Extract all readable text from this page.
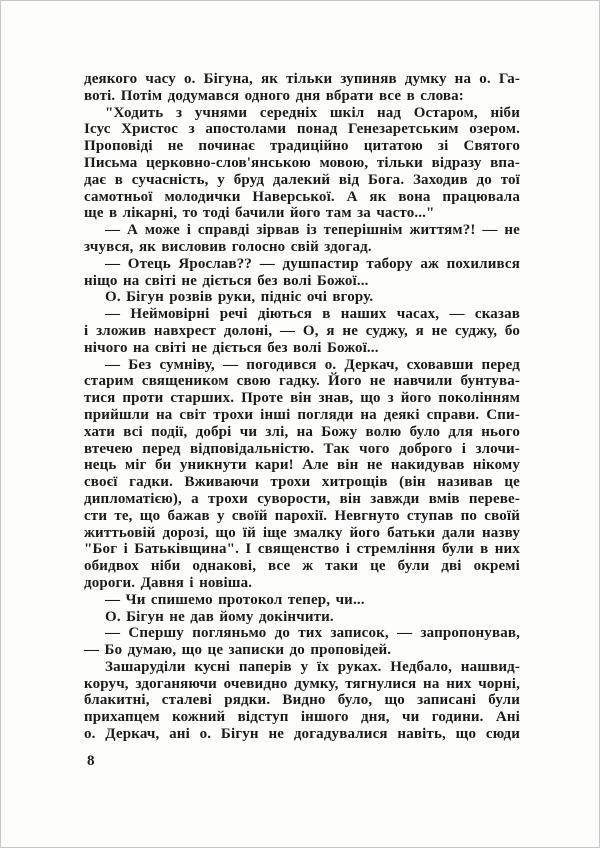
деякого часу о. Бігуна, як тільки зупиняв думку на о. Га-
воті. Потім додумався одного дня вбрати все в слова:
"Ходить з учнями середніх шкіл над Остаром, ніби
Ісус Христос з апостолами понад Генезаретським озером.
Проповіді не починає традиційно цитатою зі Святого
Письма церковно-слов'янською мовою, тільки відразу впа-
дає в сучасність, у бруд далекий від Бога. Заходив до тої
самотньої молодички Наверської. А як вона працювала
ще в лікарні, то тоді бачили його там за часто..."
— А може і справді зірвав із теперішнім життям?! — не
зчувся, як висловив голосно свій здогад.
— Отець Ярослав?? — душпастир табору аж похилився
ніщо на світі не діється без волі Божої...
О. Бігун розвів руки, підніс очі вгору.
— Неймовірні речі діються в наших часах, — сказав
і зложив навхрест долоні, — О, я не суджу, я не суджу, бо
нічого на світі не діється без волі Божої...
— Без сумніву, — погодився о. Деркач, сховавши перед
старим священиком свою гадку. Його не навчили бунтува-
тися проти старших. Проте він знав, що з його поколінням
прийшли на світ трохи інші погляди на деякі справи. Спи-
хати всі події, добрі чи злі, на Божу волю було для нього
втечею перед відповідальністю. Так чого доброго і злочи-
нець міг би уникнути кари! Але він не накидував нікому
своєї гадки. Вживаючи трохи хитрощів (він називав це
дипломатією), а трохи суворости, він завжди вмів переве-
сти те, що бажав у своїй парохії. Невгнуто ступав по своїй
життьовій дорозі, що їй іще змалку його батьки дали назву
"Бог і Батьківщина". І священство і стремління були в них
обидвох ніби однакові, все ж таки це були дві окремі
дороги. Давня і новіша.
— Чи спишемо протокол тепер, чи...
О. Бігун не дав йому докінчити.
— Спершу погляньмо до тих записок, — запропонував,
— Бо думаю, що це записки до проповідей.
Зашаруділи кусні паперів у їх руках. Недбало, нашвид-
коруч, здоганяючи очевидно думку, тягнулися на них чорні,
блакитні, сталеві рядки. Видно було, що записані були
прихапцем кожний відступ іншого дня, чи години. Ані
о. Деркач, ані о. Бігун не догадувалися навіть, що сюди
8
